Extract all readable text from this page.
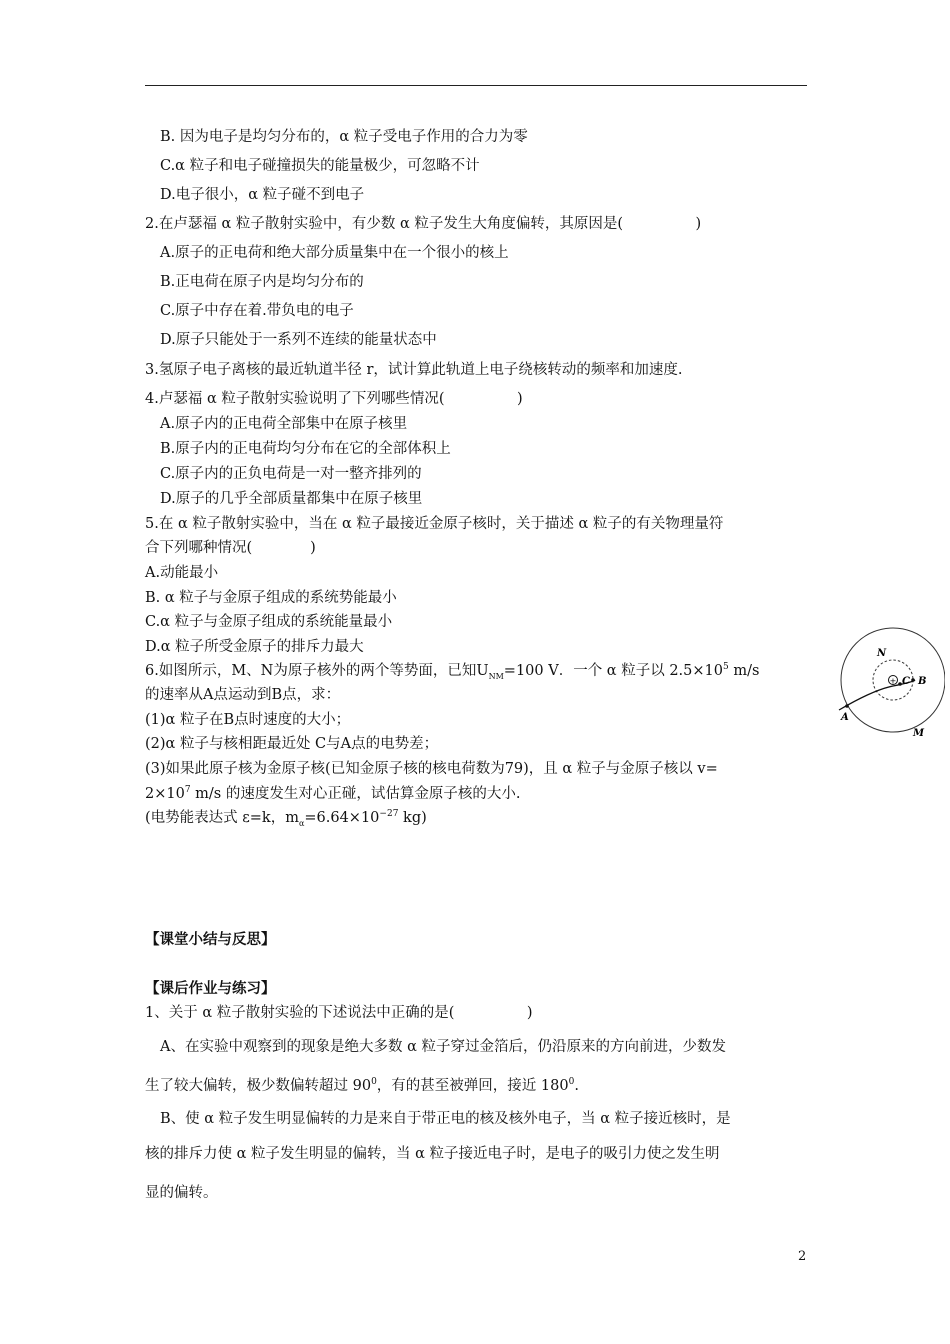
B. 因为电子是均匀分布的，α 粒子受电子作用的合力为零
C.α 粒子和电子碰撞损失的能量极少，可忽略不计
D.电子很小，α 粒子碰不到电子
2.在卢瑟福 α 粒子散射实验中，有少数 α 粒子发生大角度偏转，其原因是(　　　　　)
A.原子的正电荷和绝大部分质量集中在一个很小的核上
B.正电荷在原子内是均匀分布的
C.原子中存在着.带负电的电子
D.原子只能处于一系列不连续的能量状态中
3.氢原子电子离核的最近轨道半径 r，试计算此轨道上电子绕核转动的频率和加速度.
4.卢瑟福 α 粒子散射实验说明了下列哪些情况(　　　　　)
A.原子内的正电荷全部集中在原子核里
B.原子内的正电荷均匀分布在它的全部体积上
C.原子内的正负电荷是一对一整齐排列的
D.原子的几乎全部质量都集中在原子核里
5.在 α 粒子散射实验中，当在 α 粒子最接近金原子核时，关于描述 α 粒子的有关物理量符
合下列哪种情况(　　　　)
A.动能最小
B. α 粒子与金原子组成的系统势能最小
C.α 粒子与金原子组成的系统能量最小
D.α 粒子所受金原子的排斥力最大
6.如图所示，M、N为原子核外的两个等势面，已知$U_{NM}=100$ V．一个 α 粒子以 $2.5\times 10^5$ m/s
的速率从A点运动到B点，求：
(1)α 粒子在B点时速度的大小；
(2)α 粒子与核相距最近处 C与A点的电势差；
(3)如果此原子核为金原子核(已知金原子核的核电荷数为79)，且 α 粒子与金原子核以 v=
$2\times 10^7$ m/s 的速度发生对心正碰，试估算金原子核的大小.
(电势能表达式 ε=k，$m_\alpha=6.64\times 10^{-27}$ kg)
【课堂小结与反思】
【课后作业与练习】
1、关于 α 粒子散射实验的下述说法中正确的是(　　　　　)
A、在实验中观察到的现象是绝大多数 α 粒子穿过金箔后，仍沿原来的方向前进，少数发
生了较大偏转，极少数偏转超过 $90^0$，有的甚至被弹回，接近 $180^0$.
B、使 α 粒子发生明显偏转的力是来自于带正电的核及核外电子，当 α 粒子接近核时，是
核的排斥力使 α 粒子发生明显的偏转，当 α 粒子接近电子时，是电子的吸引力使之发生明
显的偏转。
+
N
C B
A
M
2
